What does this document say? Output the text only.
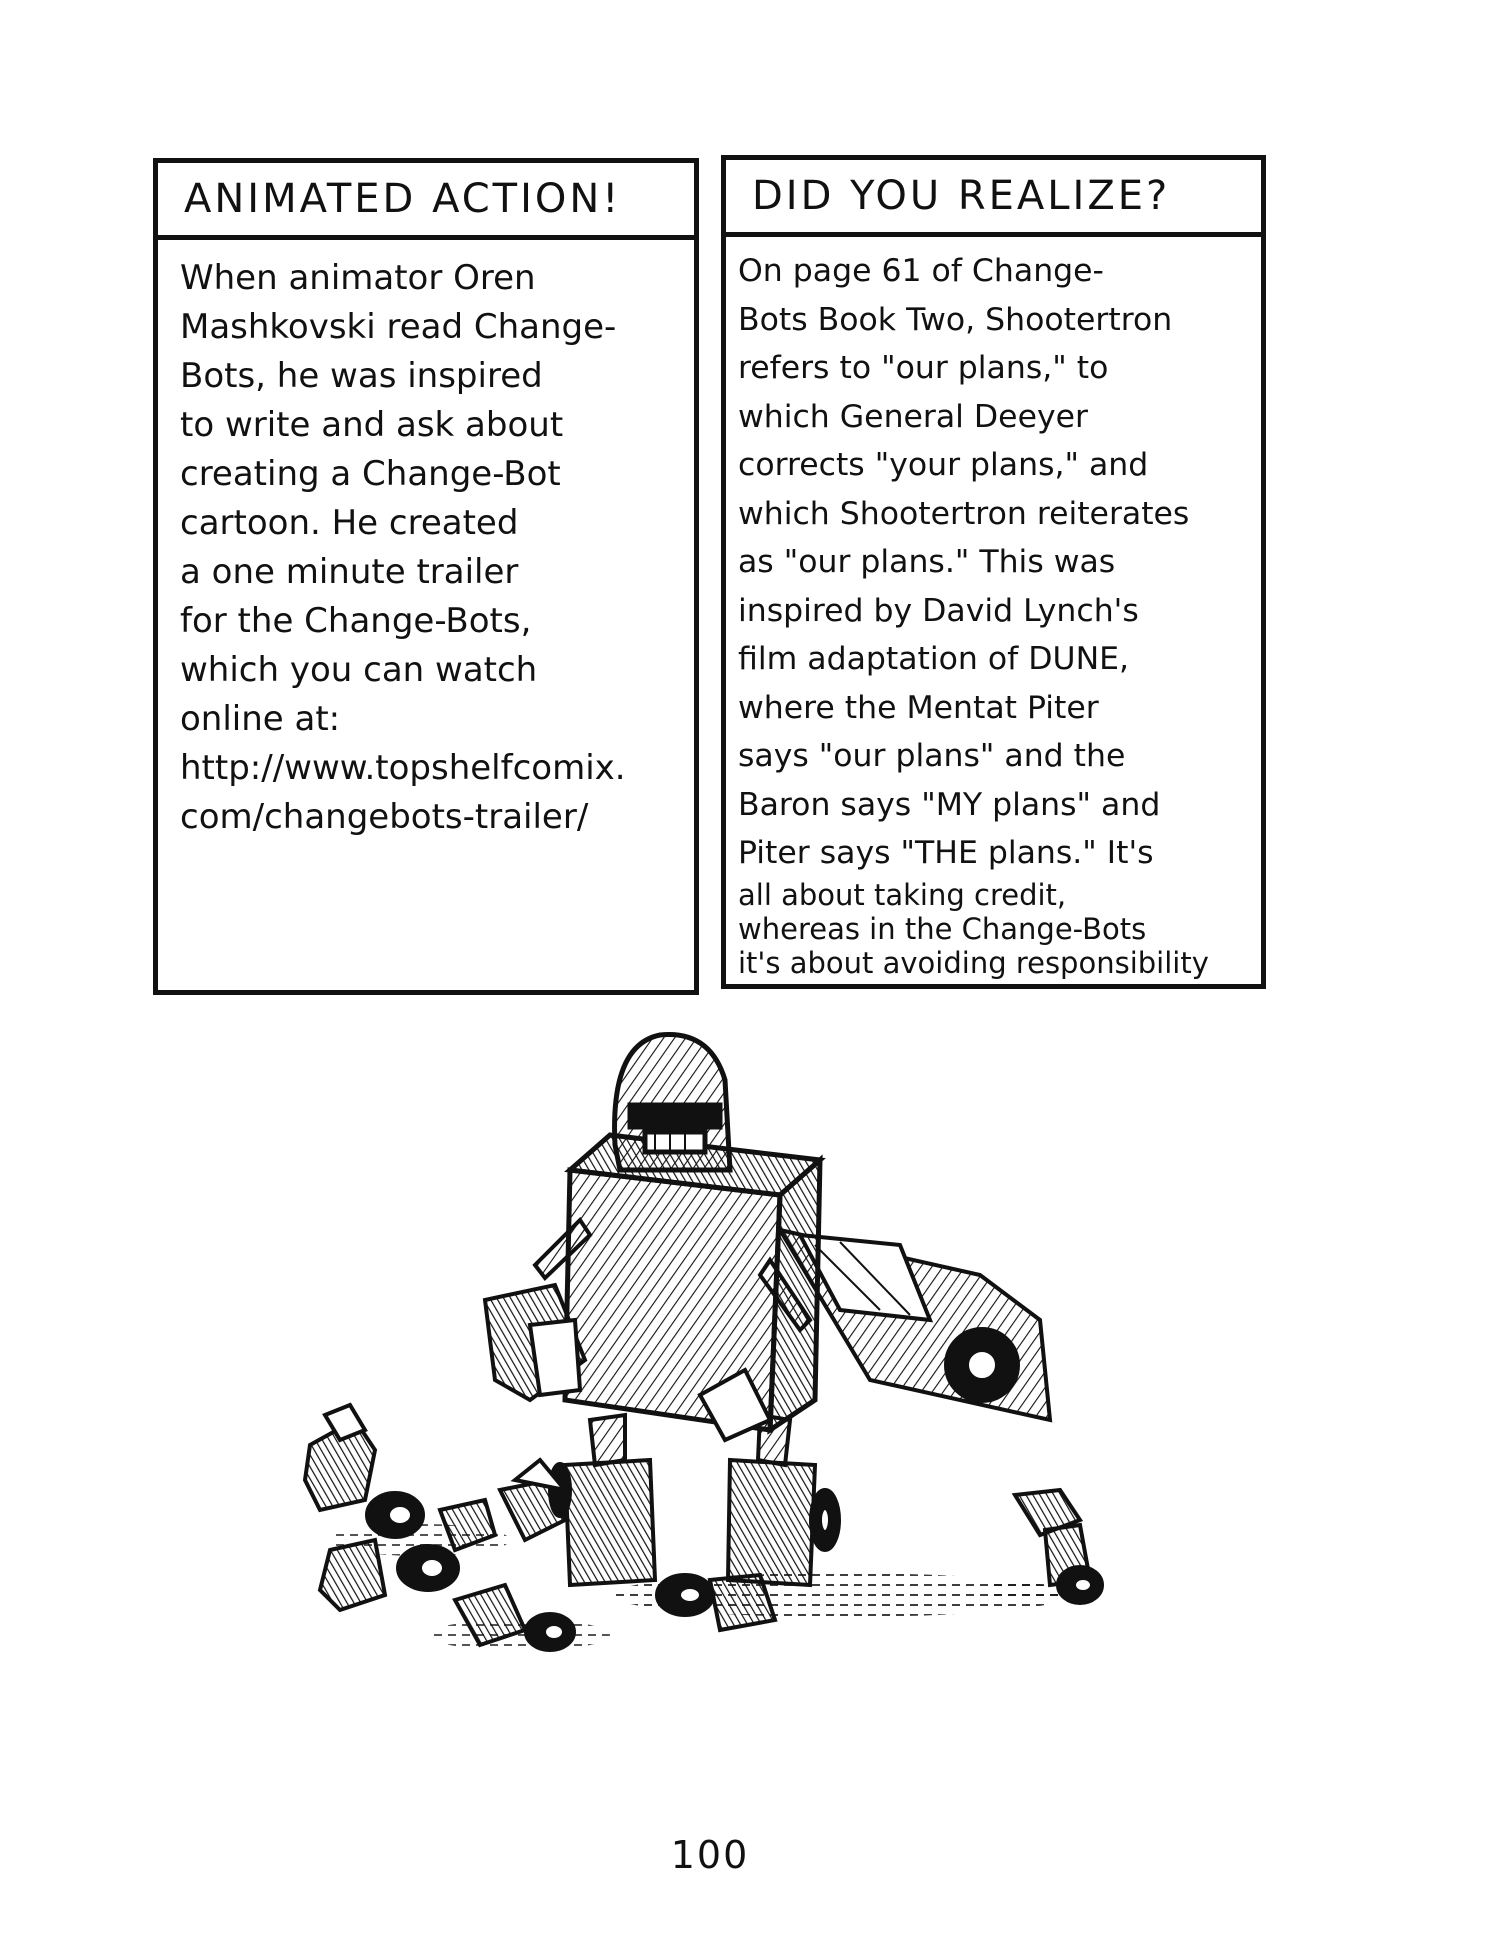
ANIMATED ACTION!
When animator Oren
Mashkovski read Change-
Bots, he was inspired
to write and ask about
creating a Change-Bot
cartoon. He created
a one minute trailer
for the Change-Bots,
which you can watch
online at:
http://www.topshelfcomix.
com/changebots-trailer/
DID YOU REALIZE?
On page 61 of Change-
Bots Book Two, Shootertron
refers to "our plans," to
which General Deeyer
corrects "your plans," and
which Shootertron reiterates
as "our plans." This was
inspired by David Lynch's
film adaptation of DUNE,
where the Mentat Piter
says "our plans" and the
Baron says "MY plans" and
Piter says "THE plans." It's
all about taking credit,
whereas in the Change-Bots
it's about avoiding responsibility
100
